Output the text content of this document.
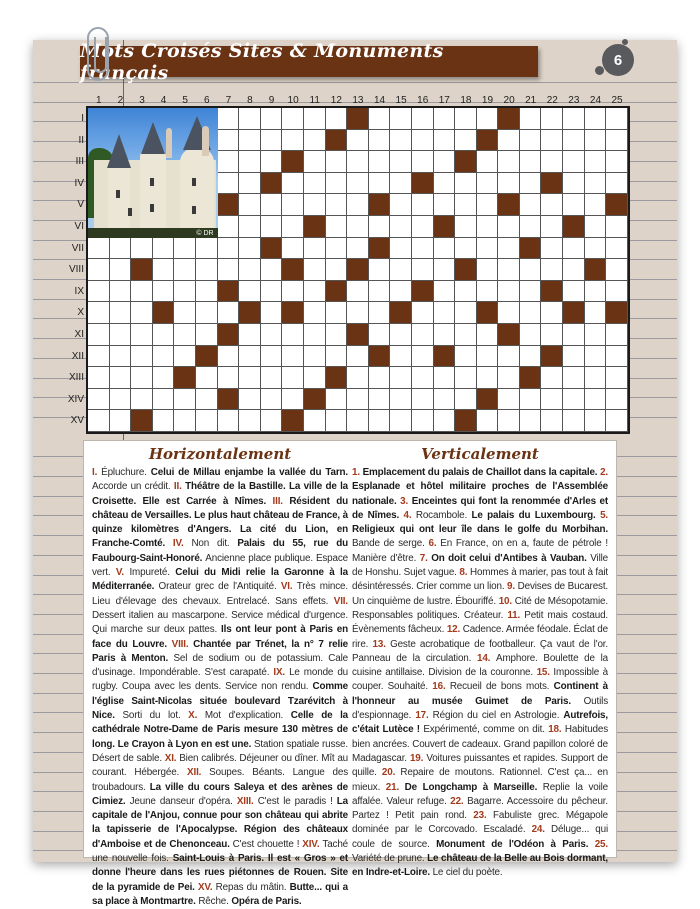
Mots Croisés Sites & Monuments français
6
1	2	3	4	5	6	7	8	9	10	11	12	13	14	15	16	17	18	19	20	21	22	23	24	25
I
II
III
IV
V
VI
VII
VIII
IX
X
XI
XII
XIII
XIV
XV
© DR
Horizontalement

I. Épluchure. Celui de Millau enjambe la vallée du Tarn. Accorde un crédit. II. Théâtre de la Bastille. La ville de la Croisette. Elle est Carrée à Nîmes. III. Résident du château de Versailles. Le plus haut château de France, à quinze kilomètres d'Angers. La cité du Lion, en Franche-Comté. IV. Non dit. Palais du 55, rue du Faubourg-Saint-Honoré. Ancienne place publique. Espace vert. V. Impureté. Celui du Midi relie la Garonne à la Méditerranée. Orateur grec de l'Antiquité. VI. Très mince. Lieu d'élevage des chevaux. Entrelacé. Sans effets. VII. Dessert italien au mascarpone. Service médical d'urgence. Qui marche sur deux pattes. Ils ont leur pont à Paris en face du Louvre. VIII. Chantée par Trénet, la n° 7 relie Paris à Menton. Sel de sodium ou de potassium. Cale d'usinage. Impondérable. S'est carapaté. IX. Le monde du rugby. Coupa avec les dents. Service non rendu. Comme l'église Saint-Nicolas située boulevard Tzarévitch à Nice. Sorti du lot. X. Mot d'explication. Celle de la cathédrale Notre-Dame de Paris mesure 130 mètres de long. Le Crayon à Lyon en est une. Station spatiale russe. Désert de sable. XI. Bien calibrés. Déjeuner ou dîner. Mît au courant. Hébergée. XII. Soupes. Béants. Langue des troubadours. La ville du cours Saleya et des arènes de Cimiez. Jeune danseur d'opéra. XIII. C'est le paradis ! La capitale de l'Anjou, connue pour son château qui abrite la tapisserie de l'Apocalypse. Région des châteaux d'Amboise et de Chenonceau. C'est chouette ! XIV. Taché une nouvelle fois. Saint-Louis à Paris. Il est « Gros » et donne l'heure dans les rues piétonnes de Rouen. Site de la pyramide de Pei. XV. Repas du mâtin. Butte... qui a sa place à Montmartre. Rêche. Opéra de Paris.

Verticalement

1. Emplacement du palais de Chaillot dans la capitale. 2. Esplanade et hôtel militaire proches de l'Assemblée nationale. 3. Enceintes qui font la renommée d'Arles et de Nîmes. 4. Rocambole. Le palais du Luxembourg. 5. Religieux qui ont leur île dans le golfe du Morbihan. Bande de serge. 6. En France, on en a, faute de pétrole ! Manière d'être. 7. On doit celui d'Antibes à Vauban. Ville de Honshu. Sujet vague. 8. Hommes à marier, pas tout à fait désintéressés. Crier comme un lion. 9. Devises de Bucarest. Un cinquième de lustre. Ébouriffé. 10. Cité de Mésopotamie. Responsables politiques. Créateur. 11. Petit mais costaud. Évènements fâcheux. 12. Cadence. Armée féodale. Éclat de rire. 13. Geste acrobatique de footballeur. Ça vaut de l'or. Panneau de la circulation. 14. Amphore. Boulette de la cuisine antillaise. Division de la couronne. 15. Impossible à couper. Souhaité. 16. Recueil de bons mots. Continent à l'honneur au musée Guimet de Paris. Outils d'espionnage. 17. Région du ciel en Astrologie. Autrefois, c'était Lutèce ! Expérimenté, comme on dit. 18. Habitudes bien ancrées. Couvert de cadeaux. Grand papillon coloré de Madagascar. 19. Voitures puissantes et rapides. Support de quille. 20. Repaire de moutons. Rationnel. C'est ça... en mieux. 21. De Longchamp à Marseille. Replie la voile affalée. Valeur refuge. 22. Bagarre. Accessoire du pêcheur. Partez ! Petit pain rond. 23. Fabuliste grec. Mégapole dominée par le Corcovado. Escaladé. 24. Déluge... qui coule de source. Monument de l'Odéon à Paris. 25. Variété de prune. Le château de la Belle au Bois dormant, en Indre-et-Loire. Le ciel du poète.
